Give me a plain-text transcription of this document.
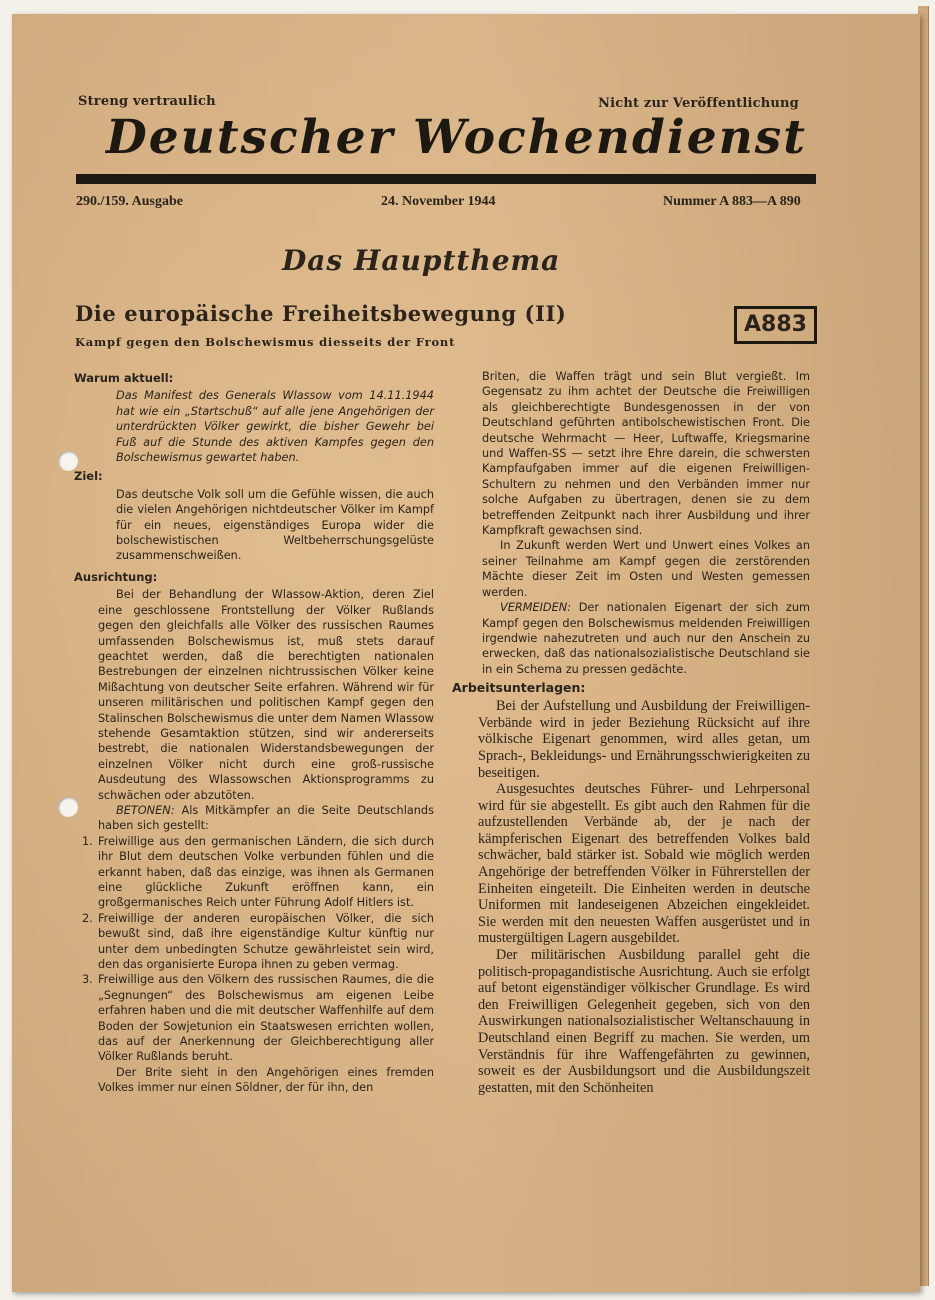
Streng vertraulich	Nicht zur Veröffentlichung
Deutscher Wochendienst
290./159. Ausgabe	24. November 1944	Nummer A 883—A 890
Das Hauptthema
Die europäische Freiheitsbewegung (II)	A883
Kampf gegen den Bolschewismus diesseits der Front
Warum aktuell:

Das Manifest des Generals Wlassow vom 14.11.1944 hat wie ein „Startschuß“ auf alle jene Angehörigen der unterdrückten Völker gewirkt, die bisher Gewehr bei Fuß auf die Stunde des aktiven Kampfes gegen den Bolschewismus gewartet haben.

Ziel:

Das deutsche Volk soll um die Gefühle wissen, die auch die vielen Angehörigen nichtdeutscher Völker im Kampf für ein neues, eigenständiges Europa wider die bolschewistischen Weltbeherrschungsgelüste zusammenschweißen.

Ausrichtung:

Bei der Behandlung der Wlassow-Aktion, deren Ziel eine geschlossene Frontstellung der Völker Rußlands gegen den gleichfalls alle Völker des russischen Raumes umfassenden Bolschewismus ist, muß stets darauf geachtet werden, daß die berechtigten nationalen Bestrebungen der einzelnen nichtrussischen Völker keine Mißachtung von deutscher Seite erfahren. Während wir für unseren militärischen und politischen Kampf gegen den Stalinschen Bolschewismus die unter dem Namen Wlassow stehende Gesamtaktion stützen, sind wir andererseits bestrebt, die nationalen Widerstandsbewegungen der einzelnen Völker nicht durch eine groß-russische Ausdeutung des Wlassowschen Aktionsprogramms zu schwächen oder abzutöten.

BETONEN: Als Mitkämpfer an die Seite Deutschlands haben sich gestellt:

1. Freiwillige aus den germanischen Ländern, die sich durch ihr Blut dem deutschen Volke verbunden fühlen und die erkannt haben, daß das einzige, was ihnen als Germanen eine glückliche Zukunft eröffnen kann, ein großgermanisches Reich unter Führung Adolf Hitlers ist.
2. Freiwillige der anderen europäischen Völker, die sich bewußt sind, daß ihre eigenständige Kultur künftig nur unter dem unbedingten Schutze gewährleistet sein wird, den das organisierte Europa ihnen zu geben vermag.
3. Freiwillige aus den Völkern des russischen Raumes, die die „Segnungen“ des Bolschewismus am eigenen Leibe erfahren haben und die mit deutscher Waffenhilfe auf dem Boden der Sowjetunion ein Staatswesen errichten wollen, das auf der Anerkennung der Gleichberechtigung aller Völker Rußlands beruht.

Der Brite sieht in den Angehörigen eines fremden Volkes immer nur einen Söldner, der für ihn, den

Briten, die Waffen trägt und sein Blut vergießt. Im Gegensatz zu ihm achtet der Deutsche die Freiwilligen als gleichberechtigte Bundesgenossen in der von Deutschland geführten antibolschewistischen Front. Die deutsche Wehrmacht — Heer, Luftwaffe, Kriegsmarine und Waffen-SS — setzt ihre Ehre darein, die schwersten Kampfaufgaben immer auf die eigenen Freiwilligen-Schultern zu nehmen und den Verbänden immer nur solche Aufgaben zu übertragen, denen sie zu dem betreffenden Zeitpunkt nach ihrer Ausbildung und ihrer Kampfkraft gewachsen sind.

In Zukunft werden Wert und Unwert eines Volkes an seiner Teilnahme am Kampf gegen die zerstörenden Mächte dieser Zeit im Osten und Westen gemessen werden.

VERMEIDEN: Der nationalen Eigenart der sich zum Kampf gegen den Bolschewismus meldenden Freiwilligen irgendwie nahezutreten und auch nur den Anschein zu erwecken, daß das nationalsozialistische Deutschland sie in ein Schema zu pressen gedächte.

Arbeitsunterlagen:

Bei der Aufstellung und Ausbildung der Freiwilligen-Verbände wird in jeder Beziehung Rücksicht auf ihre völkische Eigenart genommen, wird alles getan, um Sprach-, Bekleidungs- und Ernährungsschwierigkeiten zu beseitigen.

Ausgesuchtes deutsches Führer- und Lehrpersonal wird für sie abgestellt. Es gibt auch den Rahmen für die aufzustellenden Verbände ab, der je nach der kämpferischen Eigenart des betreffenden Volkes bald schwächer, bald stärker ist. Sobald wie möglich werden Angehörige der betreffenden Völker in Führerstellen der Einheiten eingeteilt. Die Einheiten werden in deutsche Uniformen mit landeseigenen Abzeichen eingekleidet. Sie werden mit den neuesten Waffen ausgerüstet und in mustergültigen Lagern ausgebildet.

Der militärischen Ausbildung parallel geht die politisch-propagandistische Ausrichtung. Auch sie erfolgt auf betont eigenständiger völkischer Grundlage. Es wird den Freiwilligen Gelegenheit gegeben, sich von den Auswirkungen nationalsozialistischer Weltanschauung in Deutschland einen Begriff zu machen. Sie werden, um Verständnis für ihre Waffengefährten zu gewinnen, soweit es der Ausbildungsort und die Ausbildungszeit gestatten, mit den Schönheiten
